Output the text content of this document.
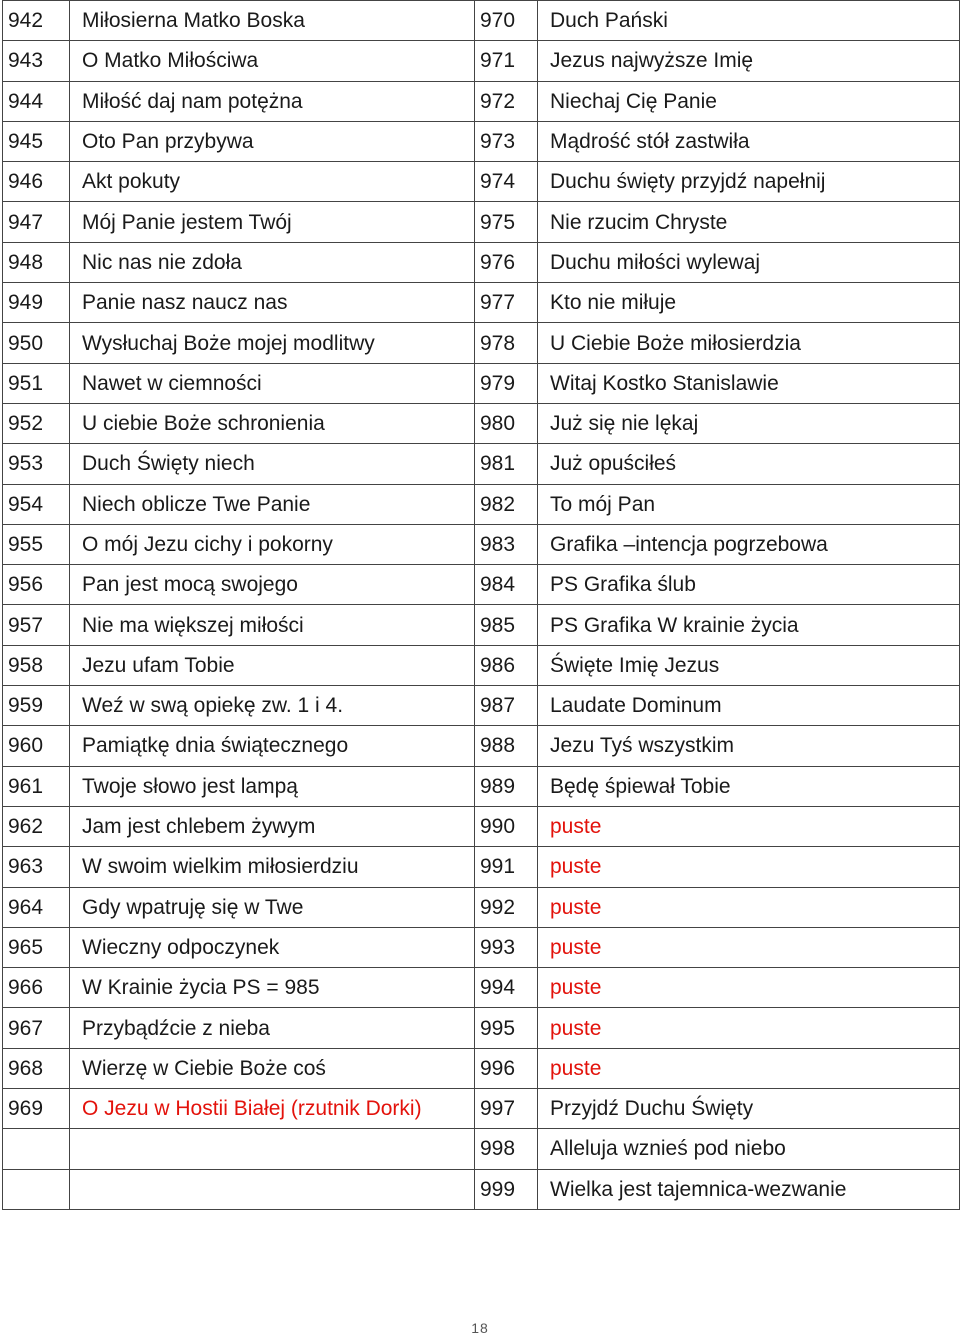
942	Miłosierna Matko Boska	970	Duch Pański
943	O Matko Miłościwa	971	Jezus najwyższe Imię
944	Miłość daj nam potężna	972	Niechaj Cię Panie
945	Oto Pan przybywa	973	Mądrość stół zastwiła
946	Akt pokuty	974	Duchu święty przyjdź napełnij
947	Mój Panie jestem Twój	975	Nie rzucim Chryste
948	Nic nas nie zdoła	976	Duchu miłości wylewaj
949	Panie nasz naucz nas	977	Kto nie miłuje
950	Wysłuchaj Boże mojej modlitwy	978	U Ciebie Boże miłosierdzia
951	Nawet w ciemności	979	Witaj Kostko Stanislawie
952	U ciebie Boże schronienia	980	Już się nie lękaj
953	Duch Święty niech	981	Już opuściłeś
954	Niech oblicze Twe Panie	982	To mój Pan
955	O mój Jezu cichy i pokorny	983	Grafika –intencja pogrzebowa
956	Pan jest mocą swojego	984	PS Grafika ślub
957	Nie ma większej miłości	985	PS Grafika W krainie życia
958	Jezu ufam Tobie	986	Święte Imię Jezus
959	Weź w swą opiekę zw. 1 i 4.	987	Laudate Dominum
960	Pamiątkę dnia świątecznego	988	Jezu Tyś wszystkim
961	Twoje słowo jest lampą	989	Będę śpiewał Tobie
962	Jam jest chlebem żywym	990	puste
963	W swoim wielkim miłosierdziu	991	puste
964	Gdy wpatruję się w Twe	992	puste
965	Wieczny odpoczynek	993	puste
966	W Krainie życia PS = 985	994	puste
967	Przybądźcie z nieba	995	puste
968	Wierzę w Ciebie Boże coś	996	puste
969	O Jezu w Hostii Białej (rzutnik Dorki)	997	Przyjdź Duchu Święty
		998	Alleluja wznieś pod niebo
		999	Wielka jest tajemnica-wezwanie
18
